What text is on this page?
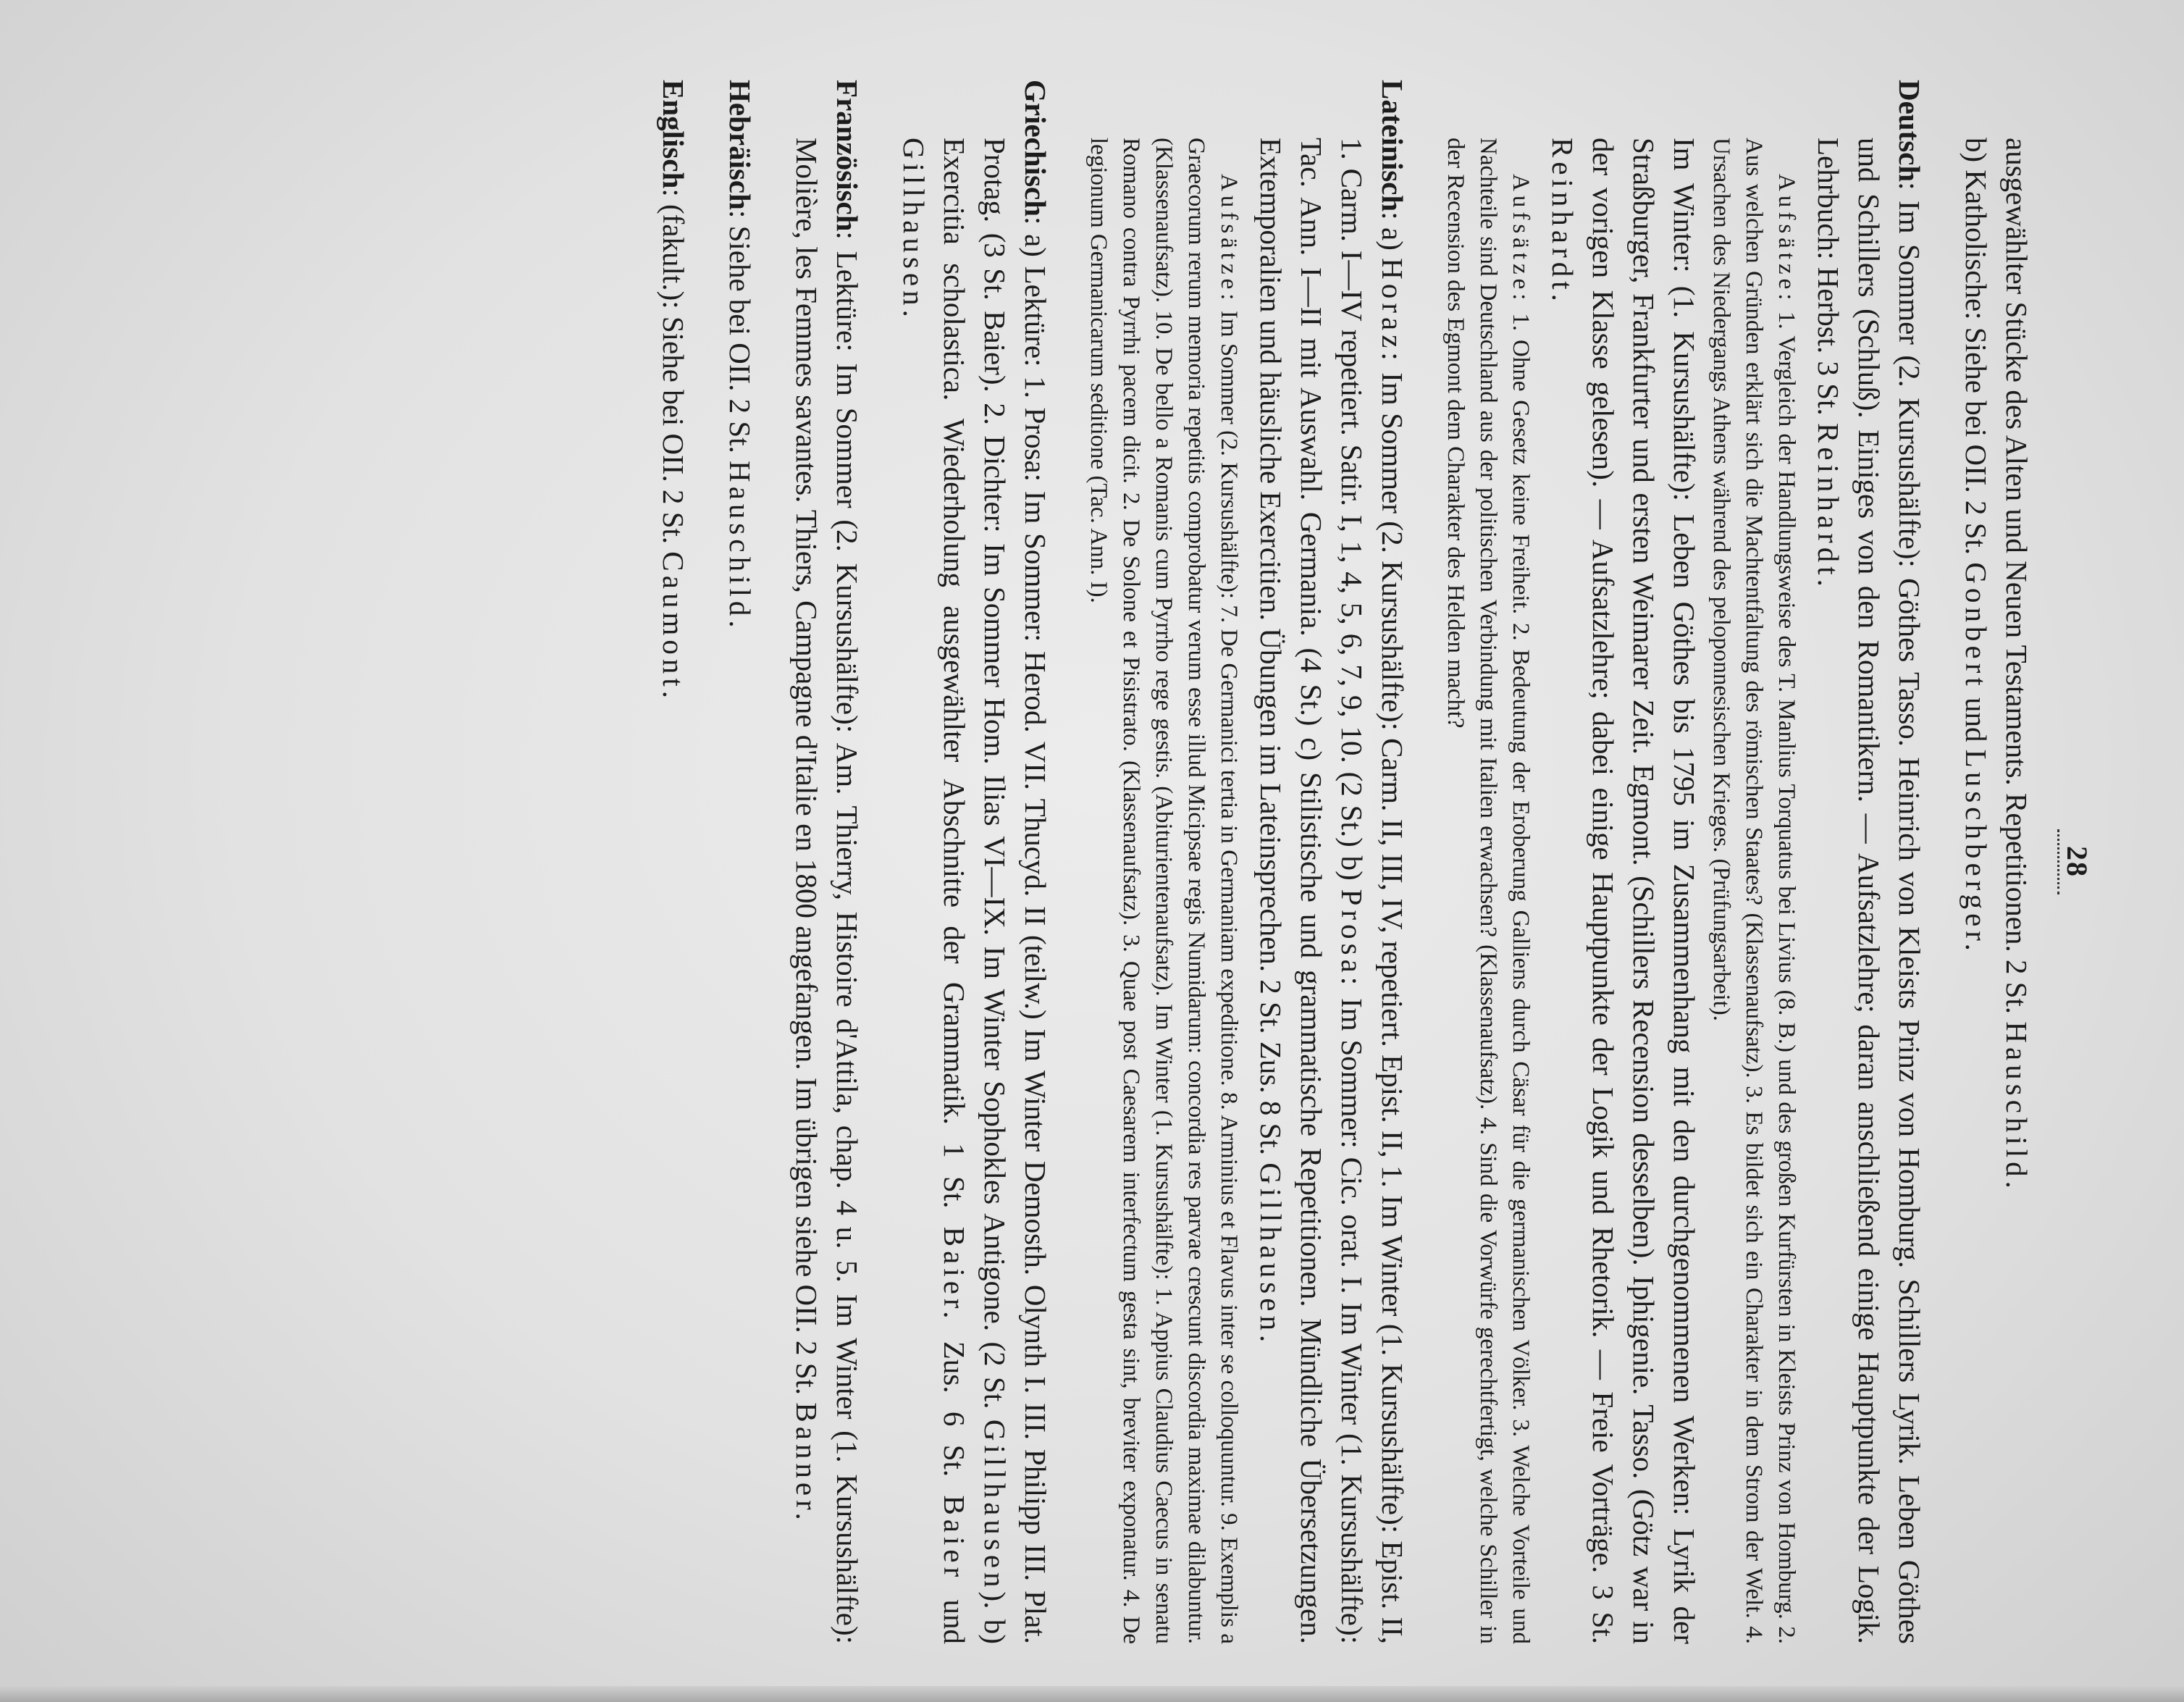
28

ausgewählter Stücke des Alten und Neuen Testaments. Repetitionen. 2 St. Hauschild.

b) Katholische: Siehe bei OII. 2 St. Gonbert und Luschberger.

Deutsch: Im Sommer (2. Kursushälfte): Göthes Tasso. Heinrich von Kleists Prinz von Homburg. Schillers Lyrik. Leben Göthes und Schillers (Schluß). Einiges von den Romantikern. — Aufsatzlehre; daran anschließend einige Hauptpunkte der Logik. Lehrbuch: Herbst. 3 St. Reinhardt.

Aufsätze: 1. Vergleich der Handlungsweise des T. Manlius Torquatus bei Livius (8. B.) und des großen Kurfürsten in Kleists Prinz von Homburg. 2. Aus welchen Gründen erklärt sich die Machtentfaltung des römischen Staates? (Klassenaufsatz). 3. Es bildet sich ein Charakter in dem Strom der Welt. 4. Ursachen des Niedergangs Athens während des peloponnesischen Krieges. (Prüfungsarbeit).

Im Winter: (1. Kursushälfte): Leben Göthes bis 1795 im Zusammenhang mit den durchgenommenen Werken: Lyrik der Straßburger, Frankfurter und ersten Weimarer Zeit. Egmont. (Schillers Recension desselben). Iphigenie. Tasso. (Götz war in der vorigen Klasse gelesen). — Aufsatzlehre; dabei einige Hauptpunkte der Logik und Rhetorik. — Freie Vorträge. 3 St. Reinhardt.

Aufsätze: 1. Ohne Gesetz keine Freiheit. 2. Bedeutung der Eroberung Galliens durch Cäsar für die germanischen Völker. 3. Welche Vorteile und Nachteile sind Deutschland aus der politischen Verbindung mit Italien erwachsen? (Klassenaufsatz). 4. Sind die Vorwürfe gerechtfertigt, welche Schiller in der Recension des Egmont dem Charakter des Helden macht?

Lateinisch: a) Horaz: Im Sommer (2. Kursushälfte): Carm. II, III, IV, repetiert. Epist. II, 1. Im Winter (1. Kursushälfte): Epist. II, 1. Carm. I—IV repetiert. Satir. I, 1, 4, 5, 6, 7, 9, 10. (2 St.) b) Prosa: Im Sommer: Cic. orat. I. Im Winter (1. Kursushälfte): Tac. Ann. I—II mit Auswahl. Germania. (4 St.) c) Stilistische und grammatische Repetitionen. Mündliche Übersetzungen. Extemporalien und häusliche Exercitien. Übungen im Lateinsprechen. 2 St. Zus. 8 St. Gillhausen.

Aufsätze: Im Sommer (2. Kursushälfte): 7. De Germanici tertia in Germaniam expeditione. 8. Arminius et Flavus inter se colloquuntur. 9. Exemplis a Graecorum rerum memoria repetitis comprobatur verum esse illud Micipsae regis Numidarum: concordia res parvae crescunt discordia maximae dilabuntur. (Klassenaufsatz). 10. De bello a Romanis cum Pyrrho rege gestis. (Abiturientenaufsatz). Im Winter (1. Kursushälfte): 1. Appius Claudius Caecus in senatu Romano contra Pyrrhi pacem dicit. 2. De Solone et Pisistrato. (Klassenaufsatz). 3. Quae post Caesarem interfectum gesta sint, breviter exponatur. 4. De legionum Germanicarum seditione (Tac. Ann. I).

Griechisch: a) Lektüre: 1. Prosa: Im Sommer: Herod. VII. Thucyd. II (teilw.) Im Winter Demosth. Olynth I. III. Philipp III. Plat. Protag. (3 St. Baier). 2. Dichter: Im Sommer Hom. Ilias VI—IX. Im Winter Sophokles Antigone. (2 St. Gillhausen). b) Exercitia scholastica. Wiederholung ausgewählter Abschnitte der Grammatik. 1 St. Baier. Zus. 6 St. Baier und Gillhausen.

Französisch: Lektüre: Im Sommer (2. Kursushälfte): Am. Thierry, Histoire d'Attila, chap. 4 u. 5. Im Winter (1. Kursushälfte): Molière, les Femmes savantes. Thiers, Campagne d'Italie en 1800 angefangen. Im übrigen siehe OII. 2 St. Banner.

Hebräisch: Siehe bei OII. 2 St. Hauschild.

Englisch: (fakult.): Siehe bei OII. 2 St. Caumont.
